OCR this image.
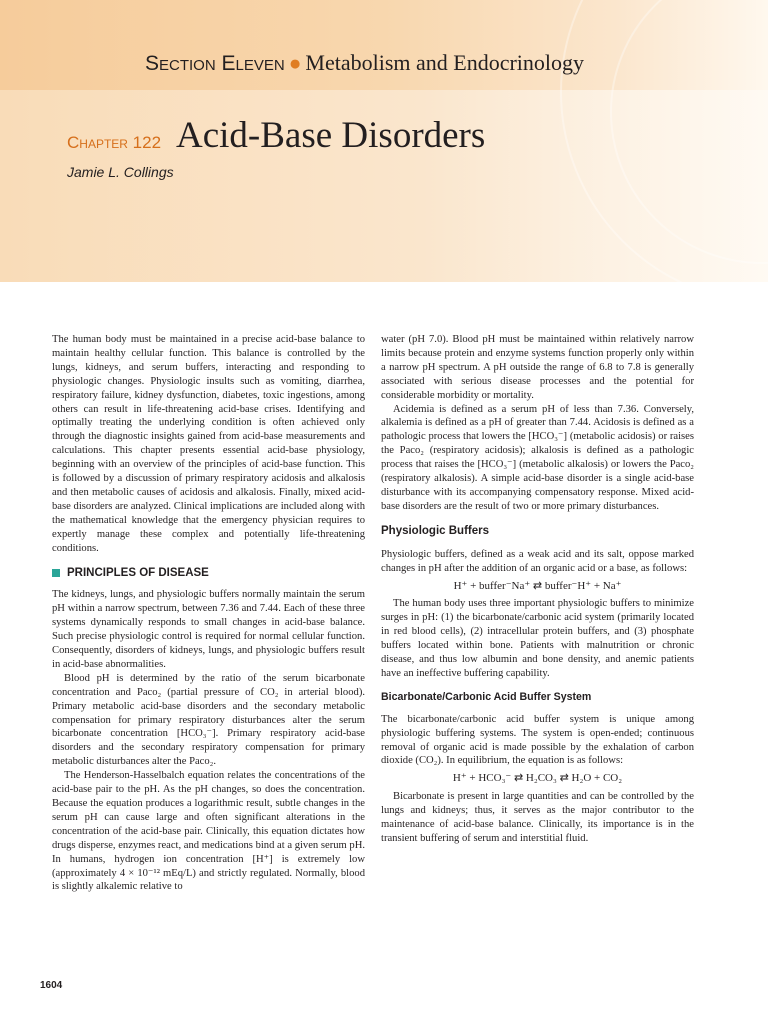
Section Eleven ● Metabolism and Endocrinology
Chapter 122 Acid-Base Disorders
Jamie L. Collings

The human body must be maintained in a precise acid-base balance to maintain healthy cellular function. This balance is controlled by the lungs, kidneys, and serum buffers, interacting and responding to physiologic changes. Physiologic insults such as vomiting, diarrhea, respiratory failure, kidney dysfunction, diabetes, toxic ingestions, among others can result in life-threatening acid-base crises. Identifying and optimally treating the underlying condition is often achieved only through the diagnostic insights gained from acid-base measurements and calculations. This chapter presents essential acid-base physiology, beginning with an overview of the principles of acid-base function. This is followed by a discussion of primary respiratory acidosis and alkalosis and then metabolic causes of acidosis and alkalosis. Finally, mixed acid-base disorders are analyzed. Clinical implications are included along with the mathematical knowledge that the emergency physician requires to expertly manage these complex and potentially life-threatening conditions.

PRINCIPLES OF DISEASE

The kidneys, lungs, and physiologic buffers normally maintain the serum pH within a narrow spectrum, between 7.36 and 7.44. Each of these three systems dynamically responds to small changes in acid-base balance. Such precise physiologic control is required for normal cellular function. Consequently, disorders of kidneys, lungs, and physiologic buffers result in acid-base abnormalities.

Blood pH is determined by the ratio of the serum bicarbonate concentration and Paco₂ (partial pressure of CO₂ in arterial blood). Primary metabolic acid-base disorders and the secondary metabolic compensation for primary respiratory disturbances alter the serum bicarbonate concentration [HCO₃⁻]. Primary respiratory acid-base disorders and the secondary respiratory compensation for primary metabolic disturbances alter the Paco₂.

The Henderson-Hasselbalch equation relates the concentrations of the acid-base pair to the pH. As the pH changes, so does the concentration. Because the equation produces a logarithmic result, subtle changes in the serum pH can cause large and often significant alterations in the concentration of the acid-base pair. Clinically, this equation dictates how drugs disperse, enzymes react, and medications bind at a given serum pH. In humans, hydrogen ion concentration [H⁺] is extremely low (approximately 4 × 10⁻¹² mEq/L) and strictly regulated. Normally, blood is slightly alkalemic relative to

water (pH 7.0). Blood pH must be maintained within relatively narrow limits because protein and enzyme systems function properly only within a narrow pH spectrum. A pH outside the range of 6.8 to 7.8 is generally associated with serious disease processes and the potential for considerable morbidity or mortality.

Acidemia is defined as a serum pH of less than 7.36. Conversely, alkalemia is defined as a pH of greater than 7.44. Acidosis is defined as a pathologic process that lowers the [HCO₃⁻] (metabolic acidosis) or raises the Paco₂ (respiratory acidosis); alkalosis is defined as a pathologic process that raises the [HCO₃⁻] (metabolic alkalosis) or lowers the Paco₂ (respiratory alkalosis). A simple acid-base disorder is a single acid-base disturbance with its accompanying compensatory response. Mixed acid-base disorders are the result of two or more primary disturbances.

Physiologic Buffers

Physiologic buffers, defined as a weak acid and its salt, oppose marked changes in pH after the addition of an organic acid or a base, as follows:

H⁺ + buffer⁻Na⁺ ⇄ buffer⁻H⁺ + Na⁺

The human body uses three important physiologic buffers to minimize surges in pH: (1) the bicarbonate/carbonic acid system (primarily located in red blood cells), (2) intracellular protein buffers, and (3) phosphate buffers located within bone. Patients with malnutrition or chronic disease, and thus low albumin and bone density, and anemic patients have an ineffective buffering capability.

Bicarbonate/Carbonic Acid Buffer System

The bicarbonate/carbonic acid buffer system is unique among physiologic buffering systems. The system is open-ended; continuous removal of organic acid is made possible by the exhalation of carbon dioxide (CO₂). In equilibrium, the equation is as follows:

H⁺ + HCO₃⁻ ⇄ H₂CO₃ ⇄ H₂O + CO₂

Bicarbonate is present in large quantities and can be controlled by the lungs and kidneys; thus, it serves as the major contributor to the maintenance of acid-base balance. Clinically, its importance is in the transient buffering of serum and interstitial fluid.

1604
